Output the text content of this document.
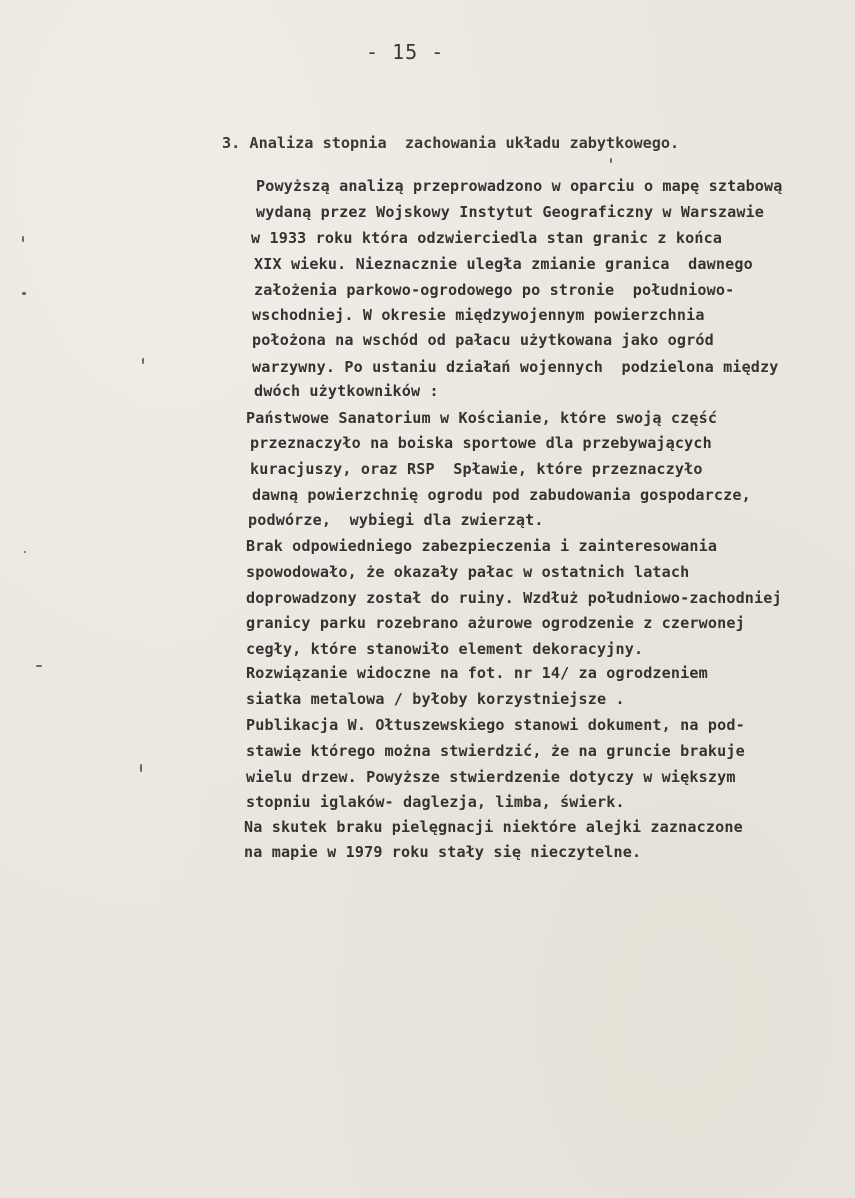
- 15 -
3. Analiza stopnia  zachowania układu zabytkowego.
Powyższą analizą przeprowadzono w oparciu o mapę sztabową
wydaną przez Wojskowy Instytut Geograficzny w Warszawie
w 1933 roku która odzwierciedla stan granic z końca
XIX wieku. Nieznacznie uległa zmianie granica  dawnego
założenia parkowo-ogrodowego po stronie  południowo-
wschodniej. W okresie międzywojennym powierzchnia
położona na wschód od pałacu użytkowana jako ogród
warzywny. Po ustaniu działań wojennych  podzielona między
dwóch użytkowników :
Państwowe Sanatorium w Kościanie, które swoją część
przeznaczyło na boiska sportowe dla przebywających
kuracjuszy, oraz RSP  Spławie, które przeznaczyło
dawną powierzchnię ogrodu pod zabudowania gospodarcze,
podwórze,  wybiegi dla zwierząt.
Brak odpowiedniego zabezpieczenia i zainteresowania
spowodowało, że okazały pałac w ostatnich latach
doprowadzony został do ruiny. Wzdłuż południowo-zachodniej
granicy parku rozebrano ażurowe ogrodzenie z czerwonej
cegły, które stanowiło element dekoracyjny.
Rozwiązanie widoczne na fot. nr 14/ za ogrodzeniem
siatka metalowa / byłoby korzystniejsze .
Publikacja W. Ołtuszewskiego stanowi dokument, na pod-
stawie którego można stwierdzić, że na gruncie brakuje
wielu drzew. Powyższe stwierdzenie dotyczy w większym
stopniu iglaków- daglezja, limba, świerk.
Na skutek braku pielęgnacji niektóre alejki zaznaczone
na mapie w 1979 roku stały się nieczytelne.
